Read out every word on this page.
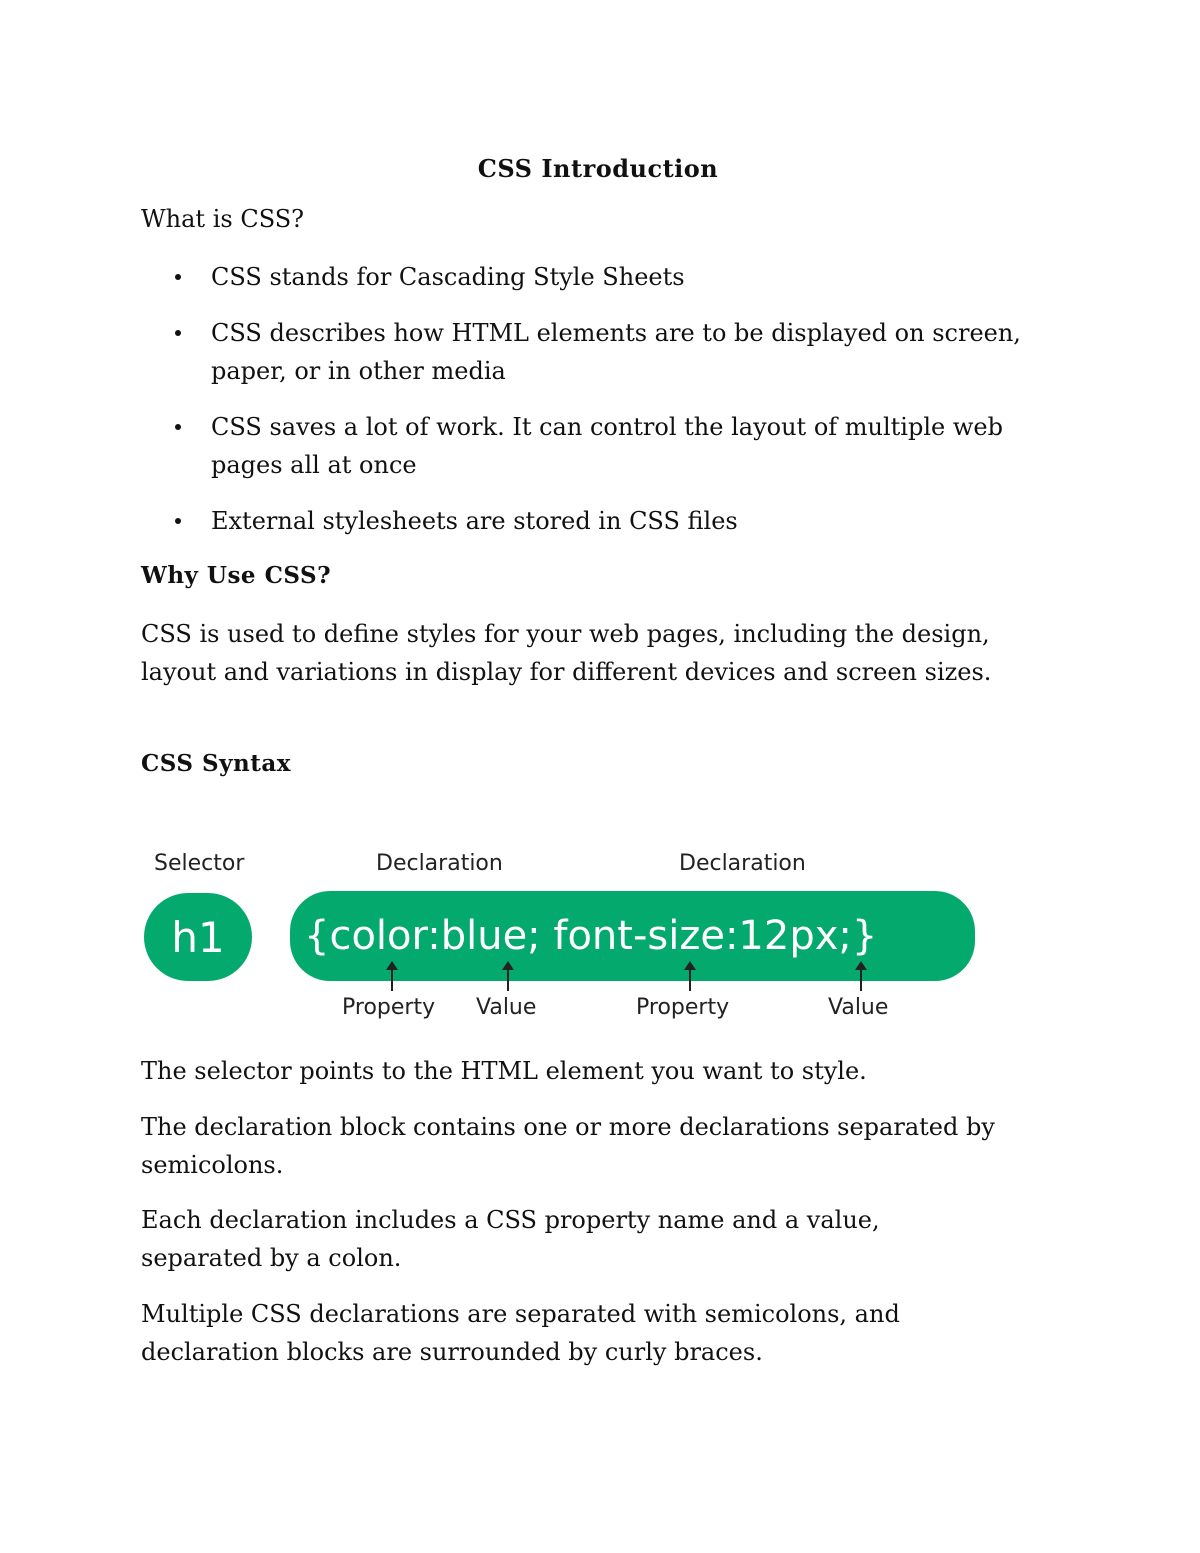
CSS Introduction
What is CSS?
CSS stands for Cascading Style Sheets
CSS describes how HTML elements are to be displayed on screen, paper, or in other media
CSS saves a lot of work. It can control the layout of multiple web pages all at once
External stylesheets are stored in CSS files
Why Use CSS?

CSS is used to define styles for your web pages, including the design, layout and variations in display for different devices and screen sizes.

CSS Syntax
Selector	Declaration	Declaration
h1	{color:blue; font-size:12px;}
Property Value	Property	Value

The selector points to the HTML element you want to style.

The declaration block contains one or more declarations separated by semicolons.

Each declaration includes a CSS property name and a value, separated by a colon.

Multiple CSS declarations are separated with semicolons, and declaration blocks are surrounded by curly braces.
